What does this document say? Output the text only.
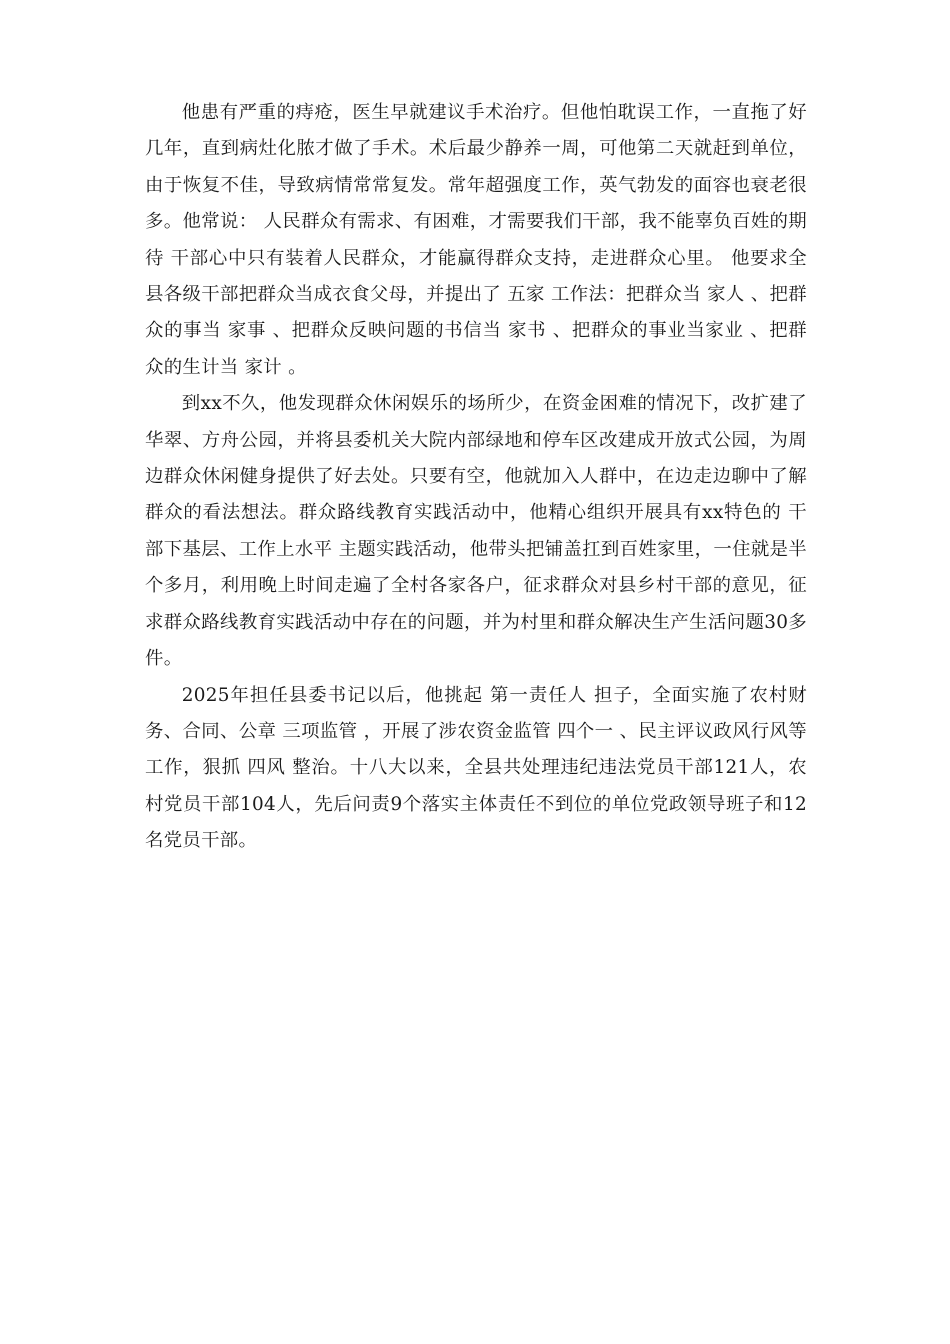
他患有严重的痔疮，医生早就建议手术治疗。但他怕耽误工作，一直拖了好几年，直到病灶化脓才做了手术。术后最少静养一周，可他第二天就赶到单位，由于恢复不佳，导致病情常常复发。常年超强度工作，英气勃发的面容也衰老很多。他常说： 人民群众有需求、有困难，才需要我们干部，我不能辜负百姓的期待 干部心中只有装着人民群众，才能赢得群众支持，走进群众心里。 他要求全县各级干部把群众当成衣食父母，并提出了 五家 工作法：把群众当 家人 、把群众的事当 家事 、把群众反映问题的书信当 家书 、把群众的事业当家业 、把群众的生计当 家计 。

到xx不久，他发现群众休闲娱乐的场所少，在资金困难的情况下，改扩建了华翠、方舟公园，并将县委机关大院内部绿地和停车区改建成开放式公园，为周边群众休闲健身提供了好去处。只要有空，他就加入人群中，在边走边聊中了解群众的看法想法。群众路线教育实践活动中，他精心组织开展具有xx特色的 干部下基层、工作上水平 主题实践活动，他带头把铺盖扛到百姓家里，一住就是半个多月，利用晚上时间走遍了全村各家各户，征求群众对县乡村干部的意见，征求群众路线教育实践活动中存在的问题，并为村里和群众解决生产生活问题30多件。

2025年担任县委书记以后，他挑起 第一责任人 担子，全面实施了农村财务、合同、公章 三项监管 ，开展了涉农资金监管 四个一 、民主评议政风行风等工作，狠抓 四风 整治。十八大以来，全县共处理违纪违法党员干部121人，农村党员干部104人，先后问责9个落实主体责任不到位的单位党政领导班子和12名党员干部。
